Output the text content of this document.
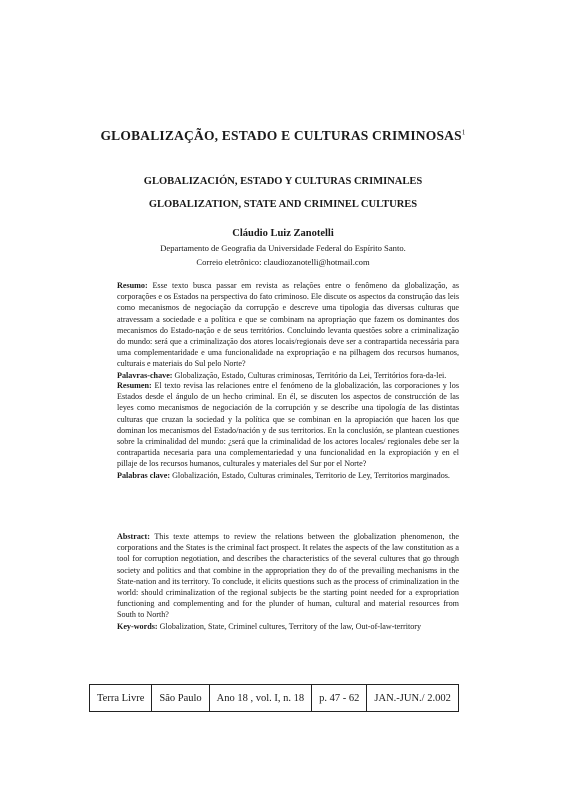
GLOBALIZAÇÃO, ESTADO E CULTURAS CRIMINOSAS$^1$
GLOBALIZACIÓN, ESTADO Y CULTURAS CRIMINALES
GLOBALIZATION, STATE AND CRIMINEL CULTURES
Cláudio Luiz Zanotelli
Departamento de Geografia da Universidade Federal do Espírito Santo.
Correio eletrônico: claudiozanotelli@hotmail.com
Resumo: Esse texto busca passar em revista as relações entre o fenômeno da globalização, as corporações e os Estados na perspectiva do fato criminoso. Ele discute os aspectos da construção das leis como mecanismos de negociação da corrupção e descreve uma tipologia das diversas culturas que atravessam a sociedade e a política e que se combinam na apropriação que fazem os dominantes dos mecanismos do Estado-nação e de seus territórios. Concluindo levanta questões sobre a criminalização do mundo: será que a criminalização dos atores locais/regionais deve ser a contrapartida necessária para uma complementaridade e uma funcionalidade na expropriação e na pilhagem dos recursos humanos, culturais e materiais do Sul pelo Norte?
Palavras-chave: Globalização, Estado, Culturas criminosas, Território da Lei, Territórios fora-da-lei.
Resumen: El texto revisa las relaciones entre el fenómeno de la globalización, las corporaciones y los Estados desde el ángulo de un hecho criminal. En él, se discuten los aspectos de construcción de las leyes como mecanismos de negociación de la corrupción y se describe una tipología de las distintas culturas que cruzan la sociedad y la política que se combinan en la apropiación que hacen los que dominan los mecanismos del Estado/nación y de sus territorios. En la conclusión, se plantean cuestiones sobre la criminalidad del mundo: ¿será que la criminalidad de los actores locales/ regionales debe ser la contrapartida necesaria para una complementariedad y una funcionalidad en la expropiación y en el pillaje de los recursos humanos, culturales y materiales del Sur por el Norte?
Palabras clave: Globalización, Estado, Culturas criminales, Territorio de Ley, Territorios marginados.
Abstract: This texte attemps to review the relations between the globalization phenomenon, the corporations and the States is the criminal fact prospect. It relates the aspects of the law constitution as a tool for corruption negotiation, and describes the characteristics of the several cultures that go through society and politics and that combine in the appropriation they do of the prevailing mechanisms in the State-nation and its territory. To conclude, it elicits questions such as the process of criminalization in the world: should criminalization of the regional subjects be the starting point needed for a expropriation functioning and complementing and for the plunder of human, cultural and material resources from South to North?
Key-words: Globalization, State, Criminel cultures, Territory of the law, Out-of-law-territory
Terra Livre	São Paulo	Ano 18 , vol. I, n. 18	p. 47 - 62	JAN.-JUN./ 2.002
